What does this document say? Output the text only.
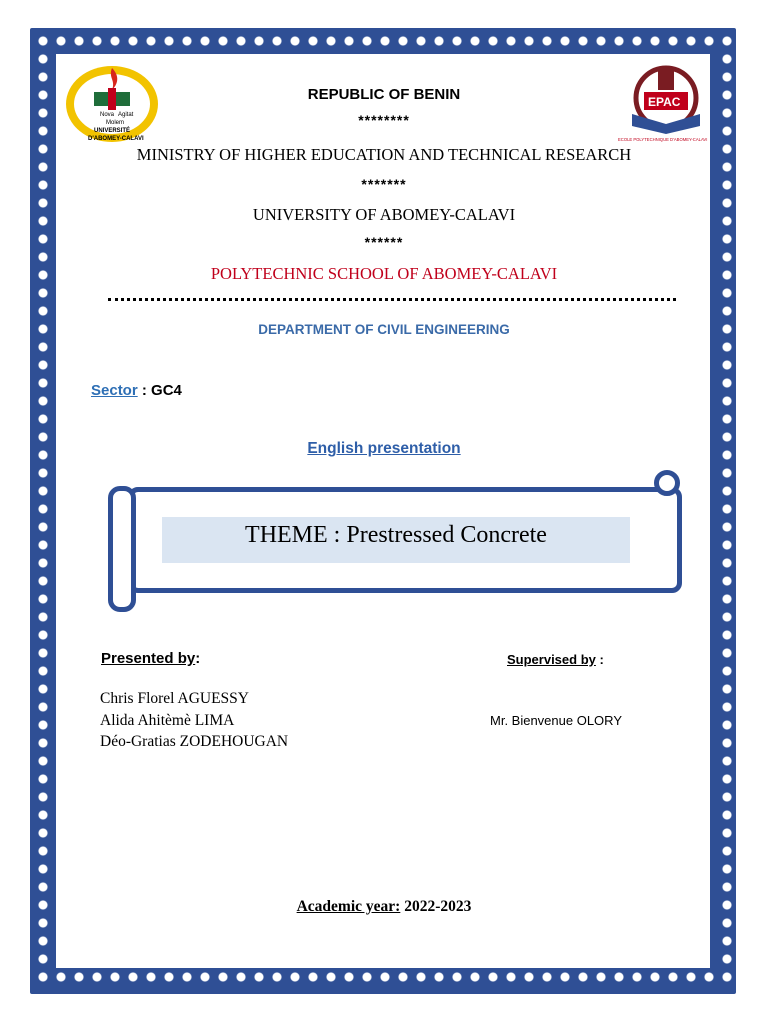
Nova Agitat
Molem
UNIVERSITÉ
D'ABOMEY-CALAVI
EPAC
ECOLE POLYTECHNIQUE D'ABOMEY-CALAVI
REPUBLIC OF BENIN
********
MINISTRY OF HIGHER EDUCATION AND TECHNICAL RESEARCH
*******
UNIVERSITY OF ABOMEY-CALAVI
******
POLYTECHNIC SCHOOL OF ABOMEY-CALAVI
DEPARTMENT OF CIVIL ENGINEERING
Sector : GC4
English presentation
THEME : Prestressed Concrete
Presented by:	Supervised by :
Chris Florel AGUESSY
Alida Ahitèmè LIMA
Déo-Gratias ZODEHOUGAN
Mr. Bienvenue OLORY
Academic year: 2022-2023
